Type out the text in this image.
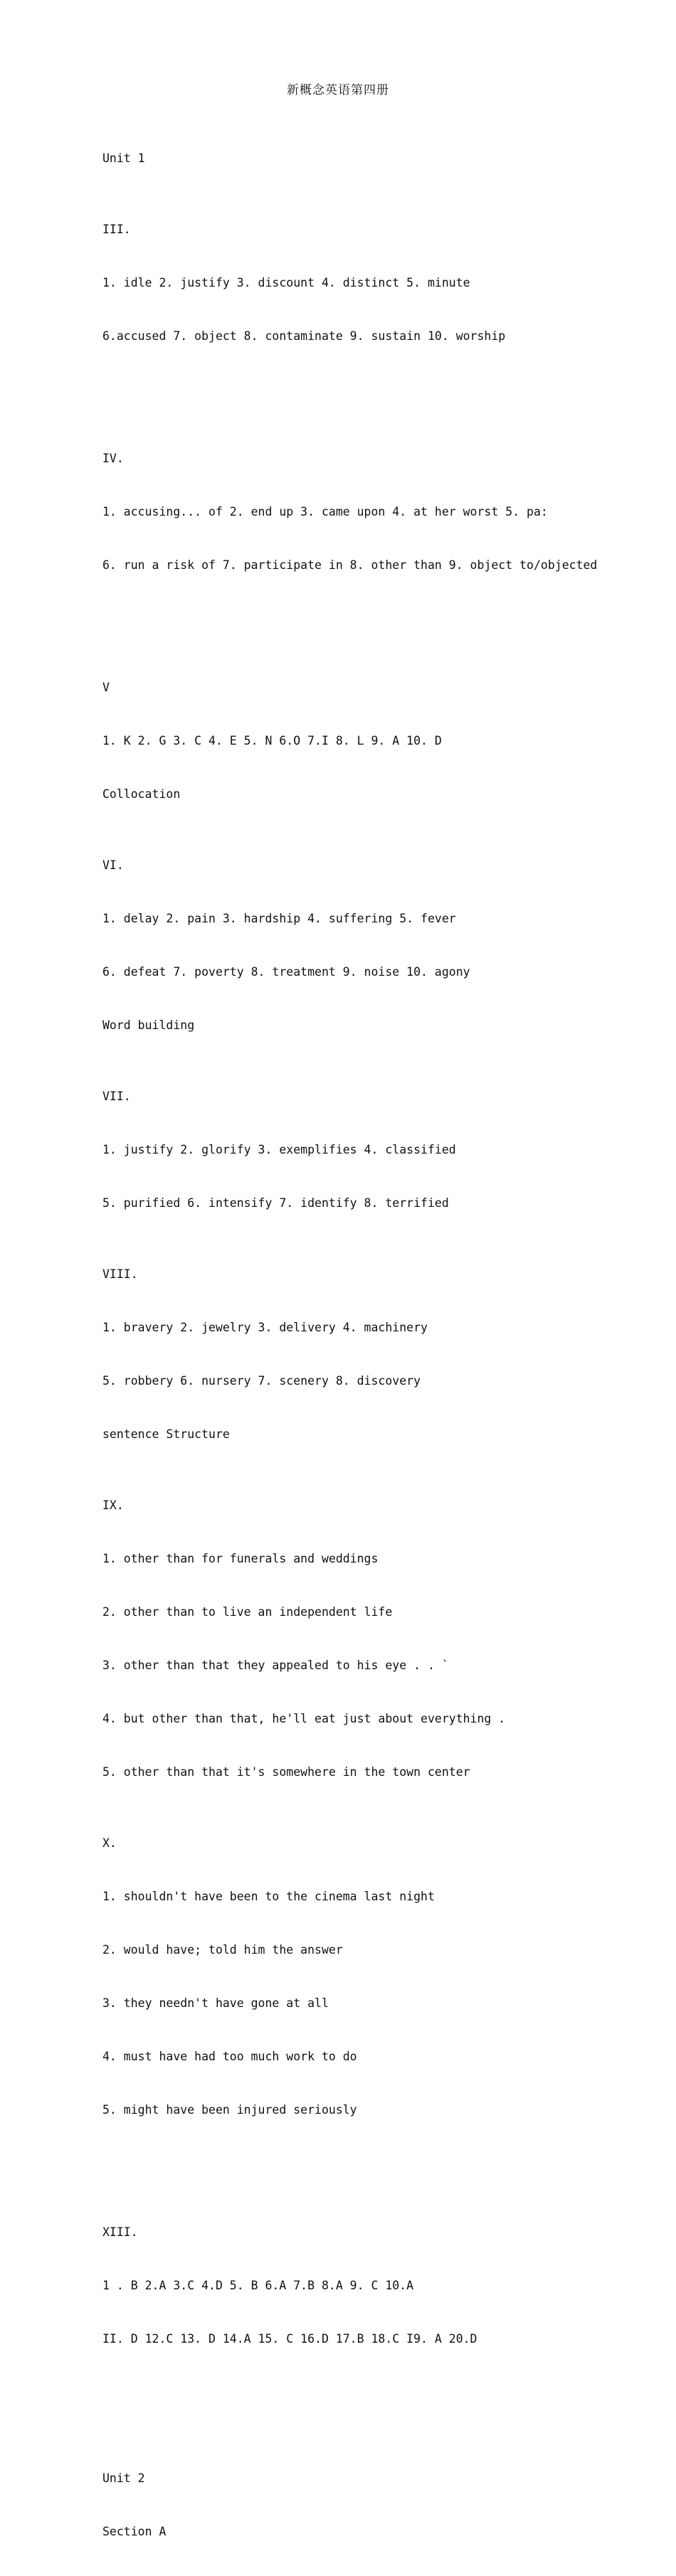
新概念英语第四册

Unit 1

III.

1. idle 2. justify 3. discount 4. distinct 5. minute

6.accused 7. object 8. contaminate 9. sustain 10. worship

IV.

1. accusing... of 2. end up 3. came upon 4. at her worst 5. pa:

6. run a risk of 7. participate in 8. other than 9. object to/objected

V

1. K 2. G 3. C 4. E 5. N 6.O 7.I 8. L 9. A 10. D

Collocation

VI.

1. delay 2. pain 3. hardship 4. suffering 5. fever

6. defeat 7. poverty 8. treatment 9. noise 10. agony

Word building

VII.

1. justify 2. glorify 3. exemplifies 4. classified

5. purified 6. intensify 7. identify 8. terrified

VIII.

1. bravery 2. jewelry 3. delivery 4. machinery

5. robbery 6. nursery 7. scenery 8. discovery

sentence Structure

IX.

1. other than for funerals and weddings

2. other than to live an independent life

3. other than that they appealed to his eye . . `

4. but other than that, he'll eat just about everything .

5. other than that it's somewhere in the town center

X.

1. shouldn't have been to the cinema last night

2. would have; told him the answer

3. they needn't have gone at all

4. must have had too much work to do

5. might have been injured seriously

XIII.

1 . B 2.A 3.C 4.D 5. B 6.A 7.B 8.A 9. C 10.A

II. D 12.C 13. D 14.A 15. C 16.D 17.B 18.C I9. A 20.D

Unit 2

Section A
